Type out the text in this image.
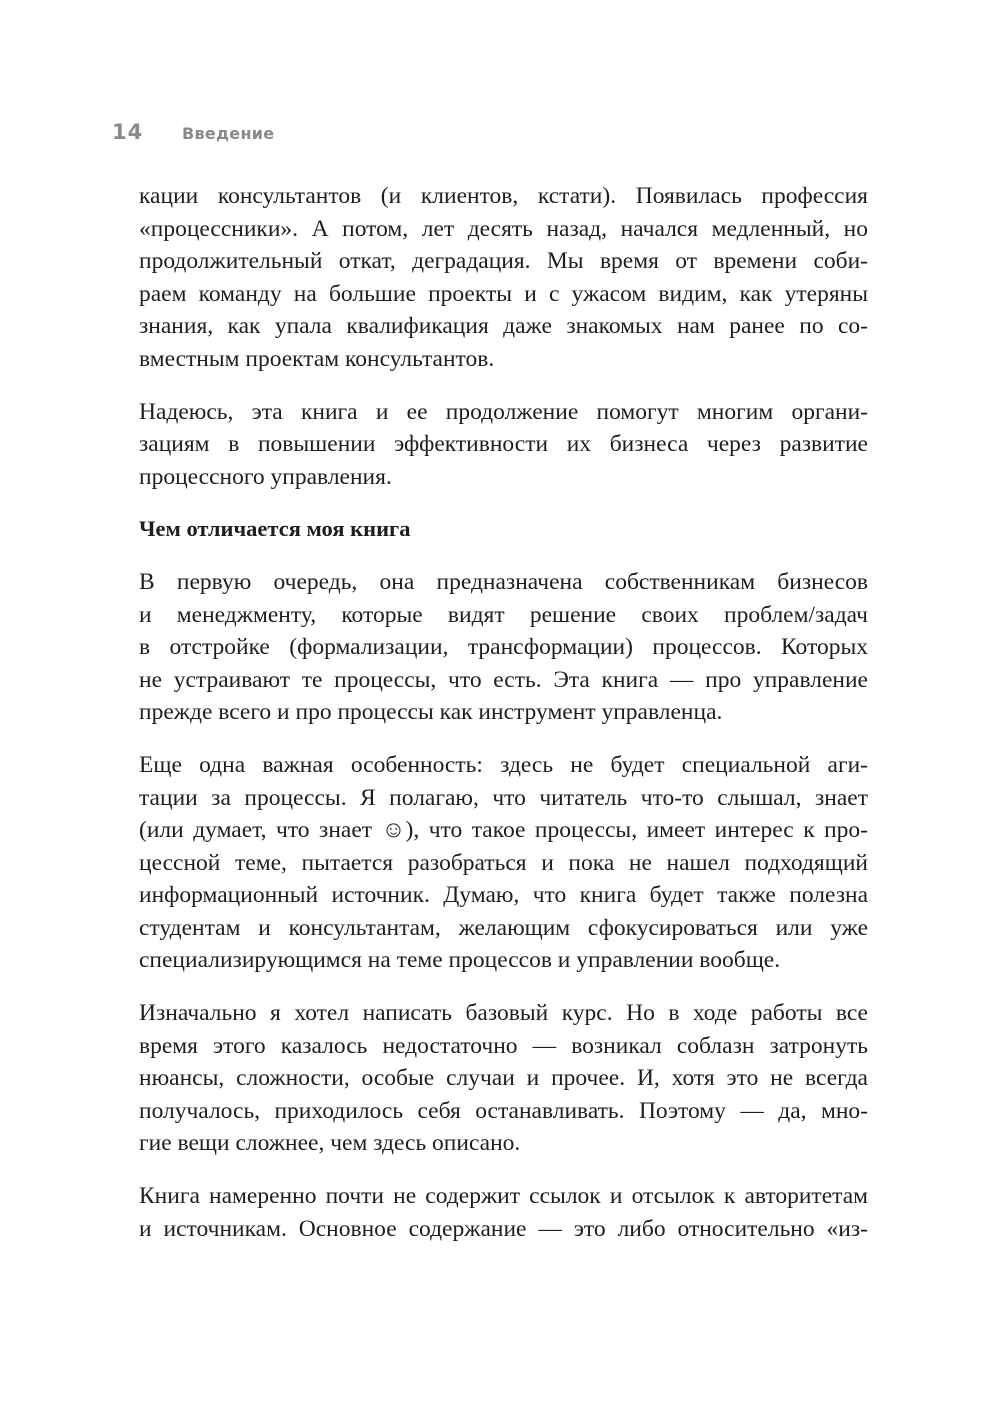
14	Введение
кации консультантов (и клиентов, кстати). Появилась профессия
«процессники». А потом, лет десять назад, начался медленный, но
продолжительный откат, деградация. Мы время от времени соби-
раем команду на большие проекты и с ужасом видим, как утеряны
знания, как упала квалификация даже знакомых нам ранее по со-
вместным проектам консультантов.
Надеюсь, эта книга и ее продолжение помогут многим органи-
зациям в повышении эффективности их бизнеса через развитие
процессного управления.
Чем отличается моя книга
В первую очередь, она предназначена собственникам бизнесов
и менеджменту, которые видят решение своих проблем/задач
в отстройке (формализации, трансформации) процессов. Которых
не устраивают те процессы, что есть. Эта книга — про управление
прежде всего и про процессы как инструмент управленца.
Еще одна важная особенность: здесь не будет специальной аги-
тации за процессы. Я полагаю, что читатель что-то слышал, знает
(или думает, что знает ☺), что такое процессы, имеет интерес к про-
цессной теме, пытается разобраться и пока не нашел подходящий
информационный источник. Думаю, что книга будет также полезна
студентам и консультантам, желающим сфокусироваться или уже
специализирующимся на теме процессов и управлении вообще.
Изначально я хотел написать базовый курс. Но в ходе работы все
время этого казалось недостаточно — возникал соблазн затронуть
нюансы, сложности, особые случаи и прочее. И, хотя это не всегда
получалось, приходилось себя останавливать. Поэтому — да, мно-
гие вещи сложнее, чем здесь описано.
Книга намеренно почти не содержит ссылок и отсылок к авторитетам
и источникам. Основное содержание — это либо относительно «из-
